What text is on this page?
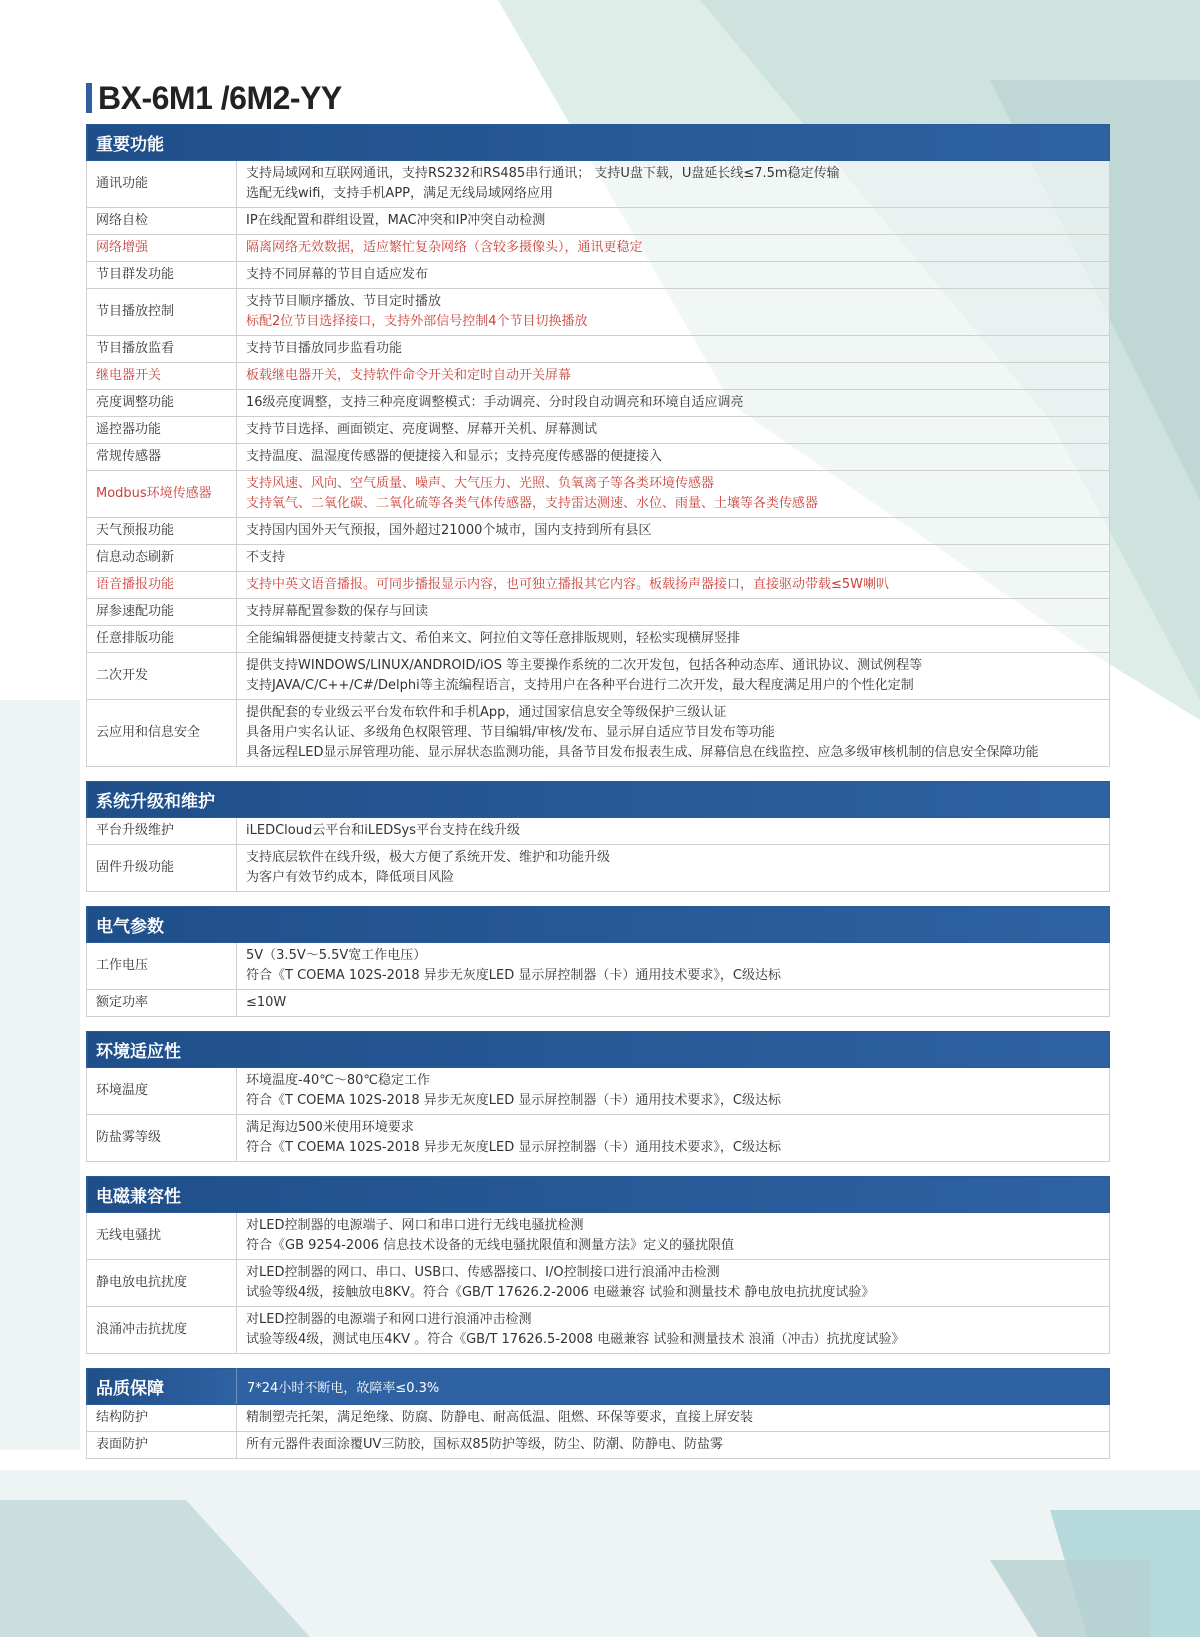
BX-6M1 /6M2-YY
重要功能	
通讯功能	支持局域网和互联网通讯，支持RS232和RS485串行通讯； 支持U盘下载，U盘延长线≤7.5m稳定传输
选配无线wifi，支持手机APP，满足无线局域网络应用

网络自检	IP在线配置和群组设置，MAC冲突和IP冲突自动检测

网络增强	隔离网络无效数据，适应繁忙复杂网络（含较多摄像头），通讯更稳定

节目群发功能	支持不同屏幕的节目自适应发布

节目播放控制	支持节目顺序播放、节目定时播放
标配2位节目选择接口，支持外部信号控制4个节目切换播放

节目播放监看	支持节目播放同步监看功能

继电器开关	板载继电器开关，支持软件命令开关和定时自动开关屏幕

亮度调整功能	16级亮度调整，支持三种亮度调整模式：手动调亮、分时段自动调亮和环境自适应调亮

遥控器功能	支持节目选择、画面锁定、亮度调整、屏幕开关机、屏幕测试

常规传感器	支持温度、温湿度传感器的便捷接入和显示；支持亮度传感器的便捷接入

Modbus环境传感器	支持风速、风向、空气质量、噪声、大气压力、光照、负氧离子等各类环境传感器
支持氧气、二氧化碳、二氧化硫等各类气体传感器，支持雷达测速、水位、雨量、土壤等各类传感器

天气预报功能	支持国内国外天气预报，国外超过21000个城市，国内支持到所有县区

信息动态刷新	不支持

语音播报功能	支持中英文语音播报。可同步播报显示内容，也可独立播报其它内容。板载扬声器接口，直接驱动带载≤5W喇叭

屏参速配功能	支持屏幕配置参数的保存与回读

任意排版功能	全能编辑器便捷支持蒙古文、希伯来文、阿拉伯文等任意排版规则，轻松实现横屏竖排

二次开发	提供支持WINDOWS/LINUX/ANDROID/iOS 等主要操作系统的二次开发包，包括各种动态库、通讯协议、测试例程等
支持JAVA/C/C++/C#/Delphi等主流编程语言，支持用户在各种平台进行二次开发，最大程度满足用户的个性化定制

云应用和信息安全	提供配套的专业级云平台发布软件和手机App，通过国家信息安全等级保护三级认证
具备用户实名认证、多级角色权限管理、节目编辑/审核/发布、显示屏自适应节目发布等功能
具备远程LED显示屏管理功能、显示屏状态监测功能，具备节目发布报表生成、屏幕信息在线监控、应急多级审核机制的信息安全保障功能
系统升级和维护	
平台升级维护	iLEDCloud云平台和iLEDSys平台支持在线升级

固件升级功能	支持底层软件在线升级，极大方便了系统开发、维护和功能升级
为客户有效节约成本，降低项目风险
电气参数	
工作电压	5V（3.5V～5.5V宽工作电压）
符合《T COEMA 102S-2018 异步无灰度LED 显示屏控制器（卡）通用技术要求》，C级达标

额定功率	≤10W
环境适应性	
环境温度	环境温度-40℃～80℃稳定工作
符合《T COEMA 102S-2018 异步无灰度LED 显示屏控制器（卡）通用技术要求》，C级达标

防盐雾等级	满足海边500米使用环境要求
符合《T COEMA 102S-2018 异步无灰度LED 显示屏控制器（卡）通用技术要求》，C级达标
电磁兼容性	
无线电骚扰	对LED控制器的电源端子、网口和串口进行无线电骚扰检测
符合《GB 9254-2006 信息技术设备的无线电骚扰限值和测量方法》定义的骚扰限值

静电放电抗扰度	对LED控制器的网口、串口、USB口、传感器接口、I/O控制接口进行浪涌冲击检测
试验等级4级，接触放电8KV。符合《GB/T 17626.2-2006 电磁兼容 试验和测量技术 静电放电抗扰度试验》

浪涌冲击抗扰度	对LED控制器的电源端子和网口进行浪涌冲击检测
试验等级4级，测试电压4KV 。符合《GB/T 17626.5-2008 电磁兼容 试验和测量技术 浪涌（冲击）抗扰度试验》
品质保障	7*24小时不断电，故障率≤0.3%
结构防护	精制塑壳托架，满足绝缘、防腐、防静电、耐高低温、阻燃、环保等要求，直接上屏安装

表面防护	所有元器件表面涂覆UV三防胶，国标双85防护等级，防尘、防潮、防静电、防盐雾
